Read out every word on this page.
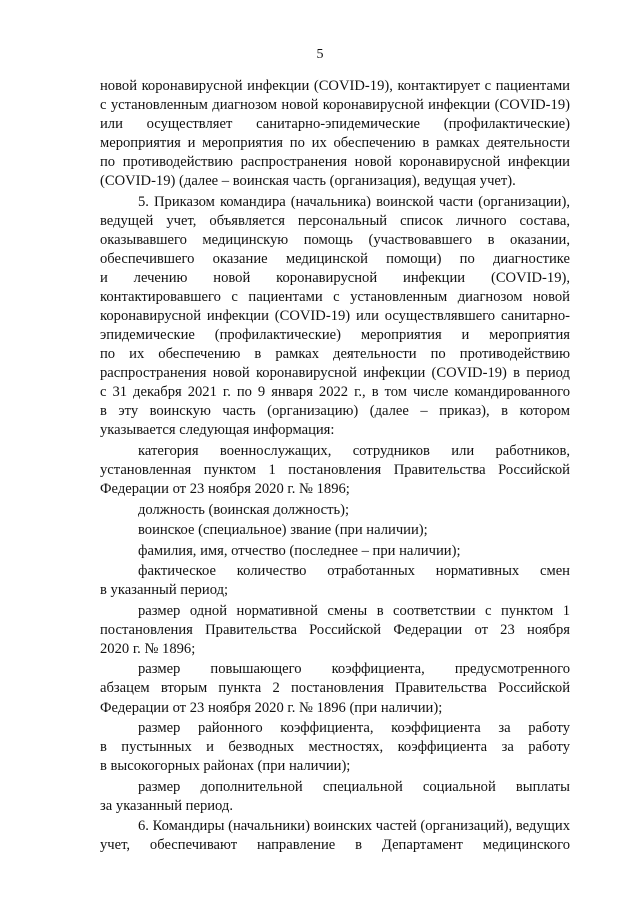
5
новой коронавирусной инфекции (COVID-19), контактирует с пациентами
с установленным диагнозом новой коронавирусной инфекции (COVID-19)
или осуществляет санитарно-эпидемические (профилактические)
мероприятия и мероприятия по их обеспечению в рамках деятельности
по противодействию распространения новой коронавирусной инфекции
(COVID-19) (далее – воинская часть (организация), ведущая учет).
5. Приказом командира (начальника) воинской части (организации),
ведущей учет, объявляется персональный список личного состава,
оказывавшего медицинскую помощь (участвовавшего в оказании,
обеспечившего оказание медицинской помощи) по диагностике
и лечению новой коронавирусной инфекции (COVID-19),
контактировавшего с пациентами с установленным диагнозом новой
коронавирусной инфекции (COVID-19) или осуществлявшего санитарно-
эпидемические (профилактические) мероприятия и мероприятия
по их обеспечению в рамках деятельности по противодействию
распространения новой коронавирусной инфекции (COVID-19) в период
с 31 декабря 2021 г. по 9 января 2022 г., в том числе командированного
в эту воинскую часть (организацию) (далее – приказ), в котором
указывается следующая информация:
категория военнослужащих, сотрудников или работников,
установленная пунктом 1 постановления Правительства Российской
Федерации от 23 ноября 2020 г. № 1896;
должность (воинская должность);
воинское (специальное) звание (при наличии);
фамилия, имя, отчество (последнее – при наличии);
фактическое количество отработанных нормативных смен
в указанный период;
размер одной нормативной смены в соответствии с пунктом 1
постановления Правительства Российской Федерации от 23 ноября
2020 г. № 1896;
размер повышающего коэффициента, предусмотренного
абзацем вторым пункта 2 постановления Правительства Российской
Федерации от 23 ноября 2020 г. № 1896 (при наличии);
размер районного коэффициента, коэффициента за работу
в пустынных и безводных местностях, коэффициента за работу
в высокогорных районах (при наличии);
размер дополнительной специальной социальной выплаты
за указанный период.
6. Командиры (начальники) воинских частей (организаций), ведущих
учет, обеспечивают направление в Департамент медицинского
